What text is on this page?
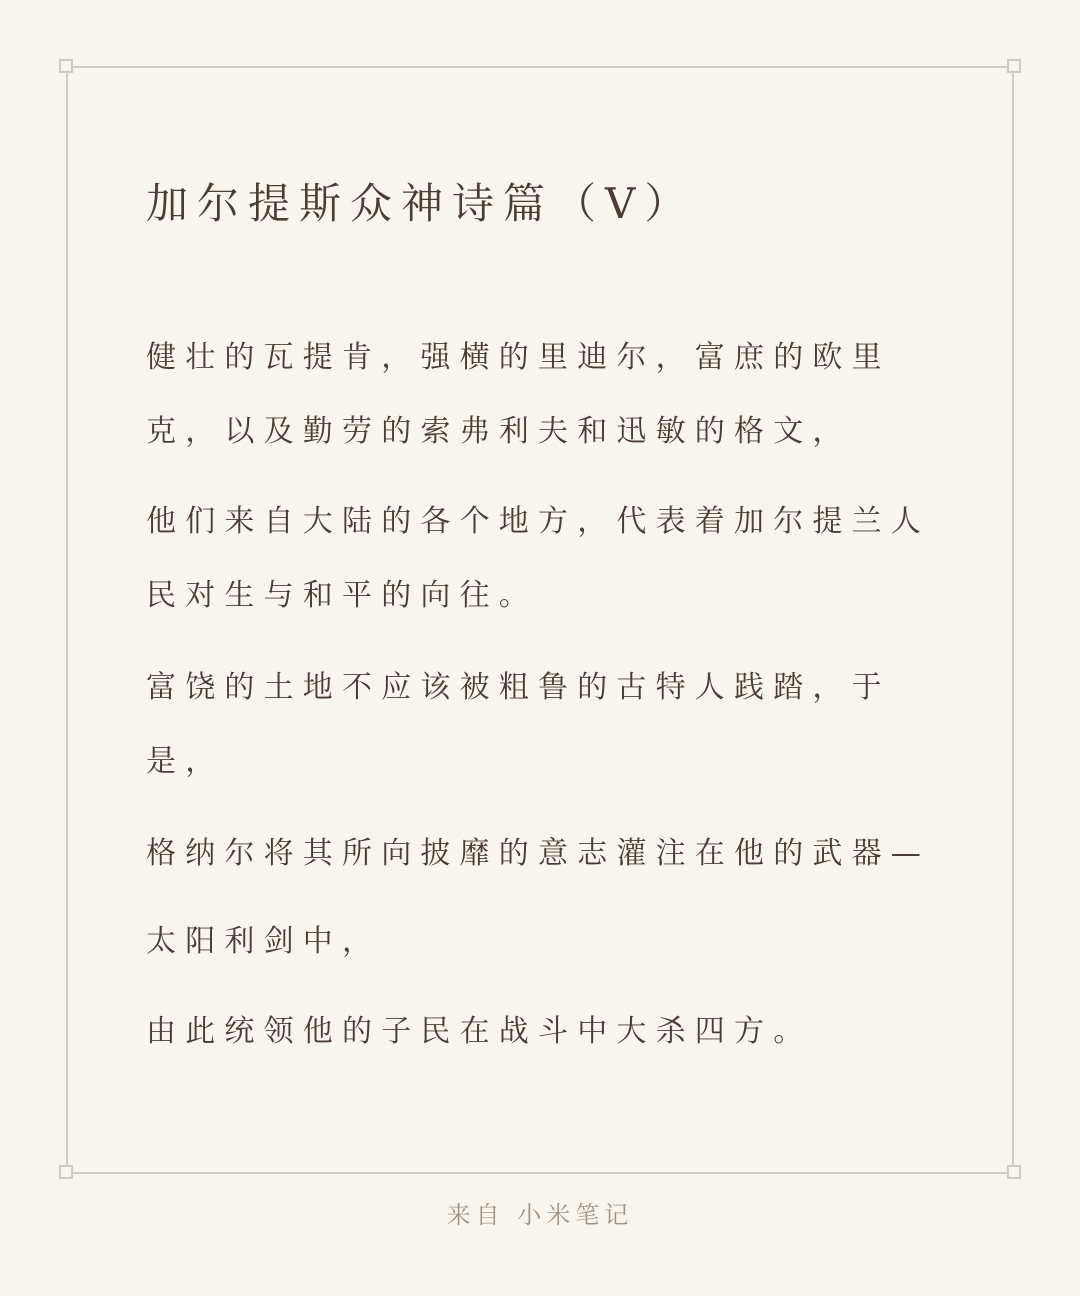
加尔提斯众神诗篇（V）
健壮的瓦提肯，强横的里迪尔，富庶的欧里
克，以及勤劳的索弗利夫和迅敏的格文，
他们来自大陆的各个地方，代表着加尔提兰人
民对生与和平的向往。
富饶的土地不应该被粗鲁的古特人践踏，于
是，
格纳尔将其所向披靡的意志灌注在他的武器—
太阳利剑中，
由此统领他的子民在战斗中大杀四方。
来自 小米笔记
